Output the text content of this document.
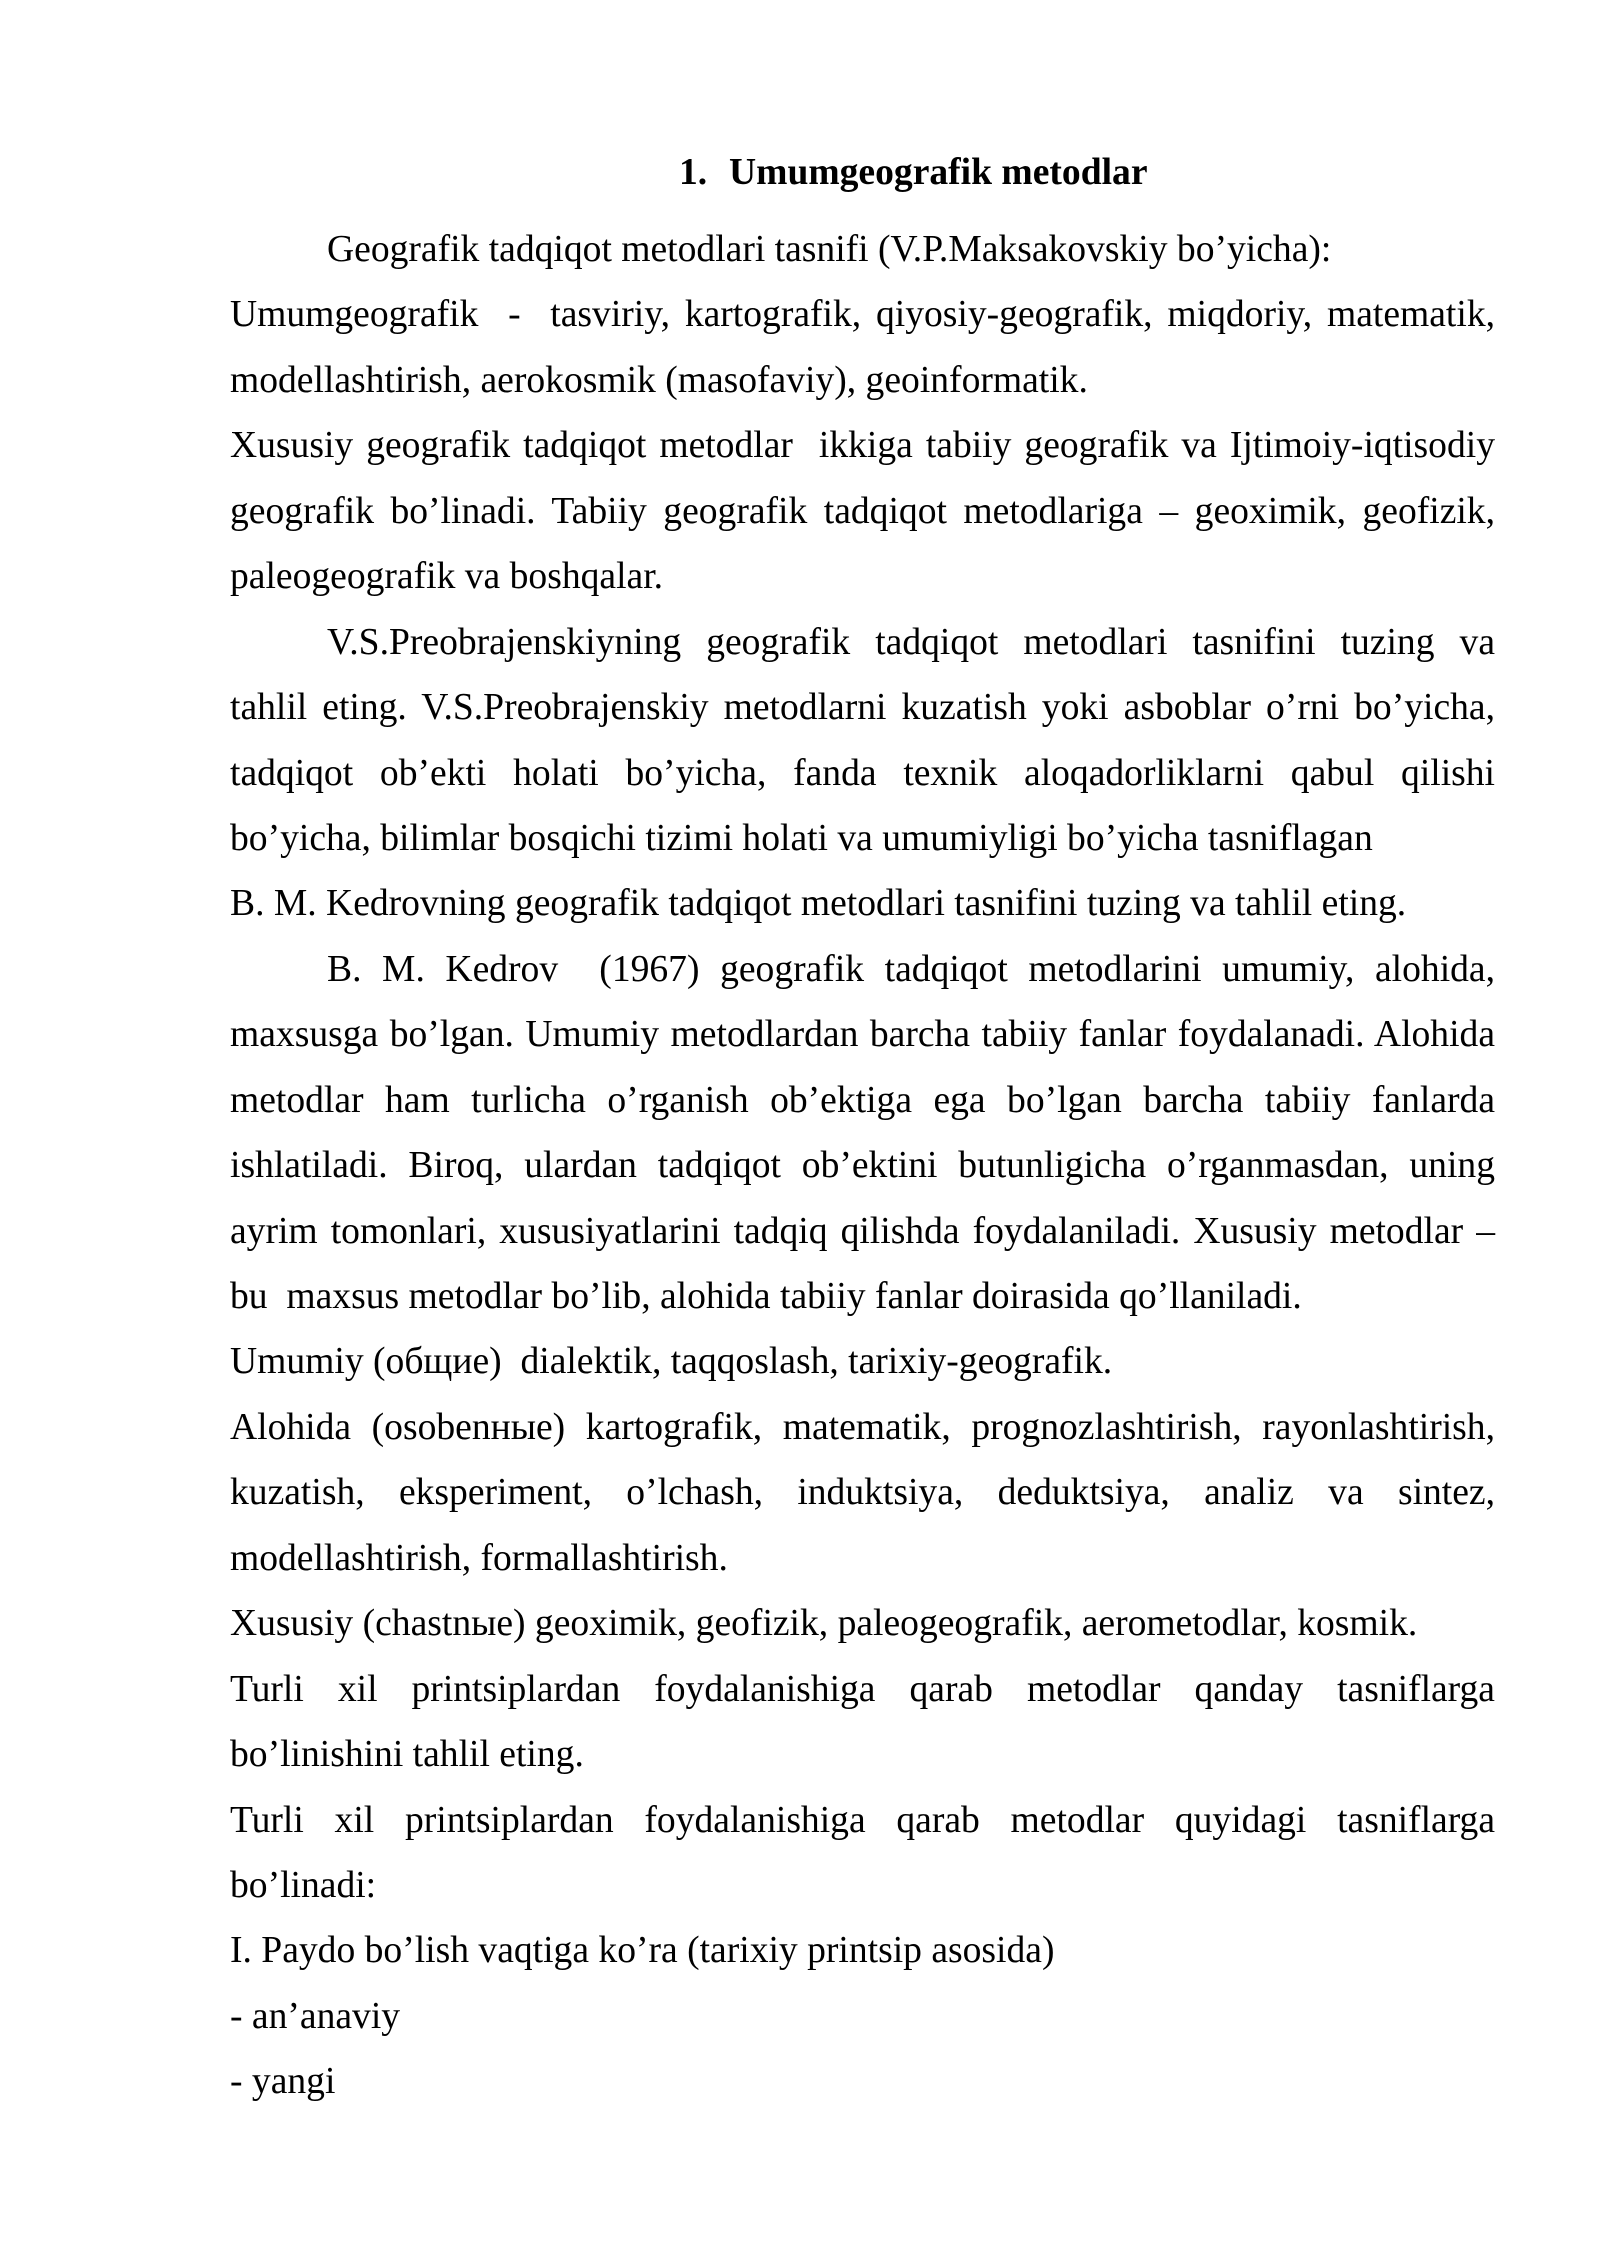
1. Umumgeografik metodlar
Geografik tadqiqot metodlari tasnifi (V.P.Maksakovskiy bo’yicha):
Umumgeografik  -  tasviriy, kartografik, qiyosiy-geografik, miqdoriy, matematik,
modellashtirish, aerokosmik (masofaviy), geoinformatik.
Xususiy geografik tadqiqot metodlar  ikkiga tabiiy geografik va Ijtimoiy-iqtisodiy
geografik bo’linadi. Tabiiy geografik tadqiqot metodlariga – geoximik, geofizik,
paleogeografik va boshqalar.
V.S.Preobrajenskiyning geografik tadqiqot metodlari tasnifini tuzing va
tahlil eting. V.S.Preobrajenskiy metodlarni kuzatish yoki asboblar o’rni bo’yicha,
tadqiqot ob’ekti holati bo’yicha, fanda texnik aloqadorliklarni qabul qilishi
bo’yicha, bilimlar bosqichi tizimi holati va umumiyligi bo’yicha tasniflagan
B. M. Kedrovning geografik tadqiqot metodlari tasnifini tuzing va tahlil eting.
B. M. Kedrov  (1967) geografik tadqiqot metodlarini umumiy, alohida,
maxsusga bo’lgan. Umumiy metodlardan barcha tabiiy fanlar foydalanadi. Alohida
metodlar ham turlicha o’rganish ob’ektiga ega bo’lgan barcha tabiiy fanlarda
ishlatiladi. Biroq, ulardan tadqiqot ob’ektini butunligicha o’rganmasdan, uning
ayrim tomonlari, xususiyatlarini tadqiq qilishda foydalaniladi. Xususiy metodlar –
bu  maxsus metodlar bo’lib, alohida tabiiy fanlar doirasida qo’llaniladi.
Umumiy (общие)  dialektik, taqqoslash, tarixiy-geografik.
Alohida (osobenные) kartografik, matematik, prognozlashtirish, rayonlashtirish,
kuzatish, eksperiment, o’lchash, induktsiya, deduktsiya, analiz va sintez,
modellashtirish, formallashtirish.
Xususiy (chastnые) geoximik, geofizik, paleogeografik, aerometodlar, kosmik.
Turli xil printsiplardan foydalanishiga qarab metodlar qanday tasniflarga
bo’linishini tahlil eting.
Turli xil printsiplardan foydalanishiga qarab metodlar quyidagi tasniflarga
bo’linadi:
I. Paydo bo’lish vaqtiga ko’ra (tarixiy printsip asosida)
- an’anaviy
- yangi
